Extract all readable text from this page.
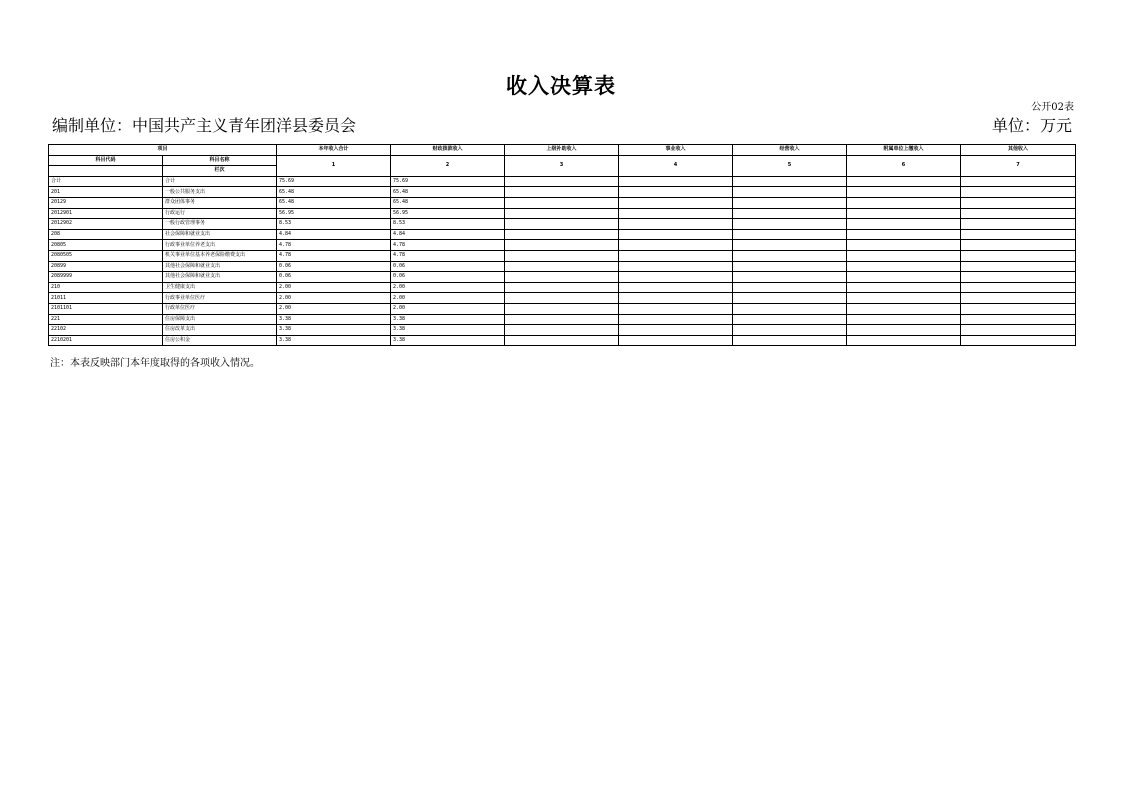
收入决算表
公开02表
编制单位：中国共产主义青年团洋县委员会	单位：万元
项目		本年收入合计	财政拨款收入	上级补助收入	事业收入	经营收入	附属单位上缴收入	其他收入
科目代码	科目名称	1	2	3	4	5	6	7
	栏次							
合计	合计	75.69	75.69					
201	一般公共服务支出	65.48	65.48					
20129	群众团体事务	65.48	65.48					
2012901	行政运行	56.95	56.95					
2012902	一般行政管理事务	8.53	8.53					
208	社会保障和就业支出	4.84	4.84					
20805	行政事业单位养老支出	4.78	4.78					
2080505	机关事业单位基本养老保险缴费支出	4.78	4.78					
20899	其他社会保障和就业支出	0.06	0.06					
2089999	其他社会保障和就业支出	0.06	0.06					
210	卫生健康支出	2.00	2.00					
21011	行政事业单位医疗	2.00	2.00					
2101101	行政单位医疗	2.00	2.00					
221	住房保障支出	3.38	3.38					
22102	住房改革支出	3.38	3.38					
2210201	住房公积金	3.38	3.38					
注：本表反映部门本年度取得的各项收入情况。
